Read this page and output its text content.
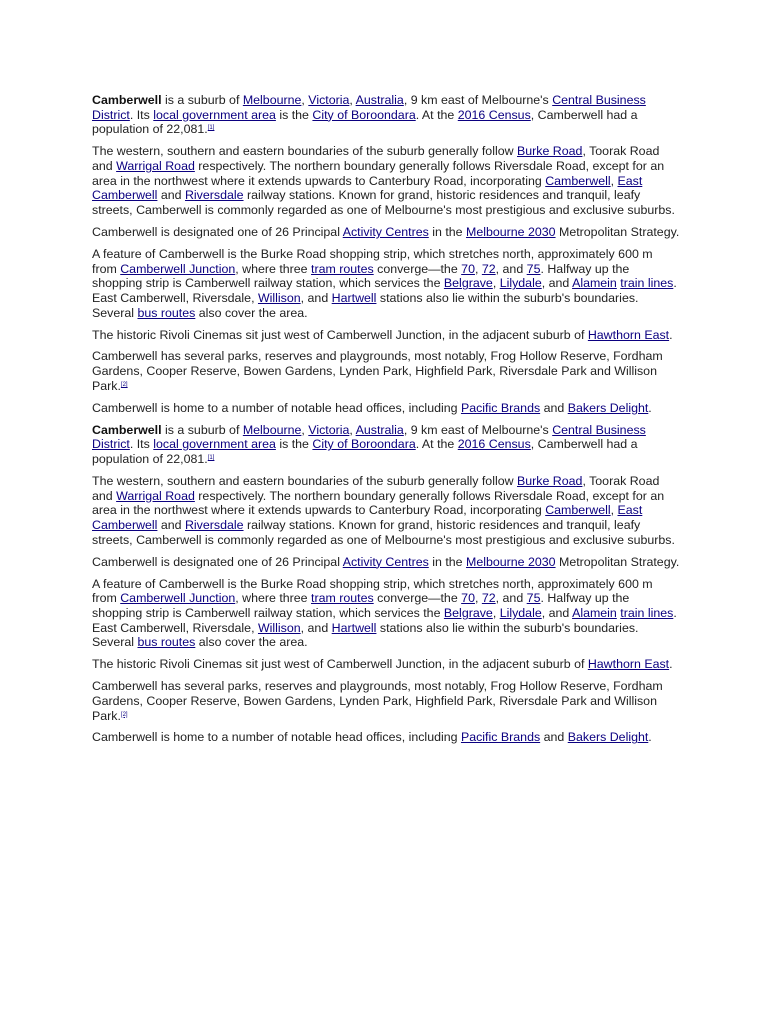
Camberwell is a suburb of Melbourne, Victoria, Australia, 9 km east of Melbourne's Central Business District. Its local government area is the City of Boroondara. At the 2016 Census, Camberwell had a population of 22,081.[1]

The western, southern and eastern boundaries of the suburb generally follow Burke Road, Toorak Road and Warrigal Road respectively. The northern boundary generally follows Riversdale Road, except for an area in the northwest where it extends upwards to Canterbury Road, incorporating Camberwell, East Camberwell and Riversdale railway stations. Known for grand, historic residences and tranquil, leafy streets, Camberwell is commonly regarded as one of Melbourne's most prestigious and exclusive suburbs.

Camberwell is designated one of 26 Principal Activity Centres in the Melbourne 2030 Metropolitan Strategy.

A feature of Camberwell is the Burke Road shopping strip, which stretches north, approximately 600 m from Camberwell Junction, where three tram routes converge—the 70, 72, and 75. Halfway up the shopping strip is Camberwell railway station, which services the Belgrave, Lilydale, and Alamein train lines. East Camberwell, Riversdale, Willison, and Hartwell stations also lie within the suburb's boundaries. Several bus routes also cover the area.

The historic Rivoli Cinemas sit just west of Camberwell Junction, in the adjacent suburb of Hawthorn East.

Camberwell has several parks, reserves and playgrounds, most notably, Frog Hollow Reserve, Fordham Gardens, Cooper Reserve, Bowen Gardens, Lynden Park, Highfield Park, Riversdale Park and Willison Park.[2]

Camberwell is home to a number of notable head offices, including Pacific Brands and Bakers Delight.

Camberwell is a suburb of Melbourne, Victoria, Australia, 9 km east of Melbourne's Central Business District. Its local government area is the City of Boroondara. At the 2016 Census, Camberwell had a population of 22,081.[1]

The western, southern and eastern boundaries of the suburb generally follow Burke Road, Toorak Road and Warrigal Road respectively. The northern boundary generally follows Riversdale Road, except for an area in the northwest where it extends upwards to Canterbury Road, incorporating Camberwell, East Camberwell and Riversdale railway stations. Known for grand, historic residences and tranquil, leafy streets, Camberwell is commonly regarded as one of Melbourne's most prestigious and exclusive suburbs.

Camberwell is designated one of 26 Principal Activity Centres in the Melbourne 2030 Metropolitan Strategy.

A feature of Camberwell is the Burke Road shopping strip, which stretches north, approximately 600 m from Camberwell Junction, where three tram routes converge—the 70, 72, and 75. Halfway up the shopping strip is Camberwell railway station, which services the Belgrave, Lilydale, and Alamein train lines. East Camberwell, Riversdale, Willison, and Hartwell stations also lie within the suburb's boundaries. Several bus routes also cover the area.

The historic Rivoli Cinemas sit just west of Camberwell Junction, in the adjacent suburb of Hawthorn East.

Camberwell has several parks, reserves and playgrounds, most notably, Frog Hollow Reserve, Fordham Gardens, Cooper Reserve, Bowen Gardens, Lynden Park, Highfield Park, Riversdale Park and Willison Park.[2]

Camberwell is home to a number of notable head offices, including Pacific Brands and Bakers Delight.
